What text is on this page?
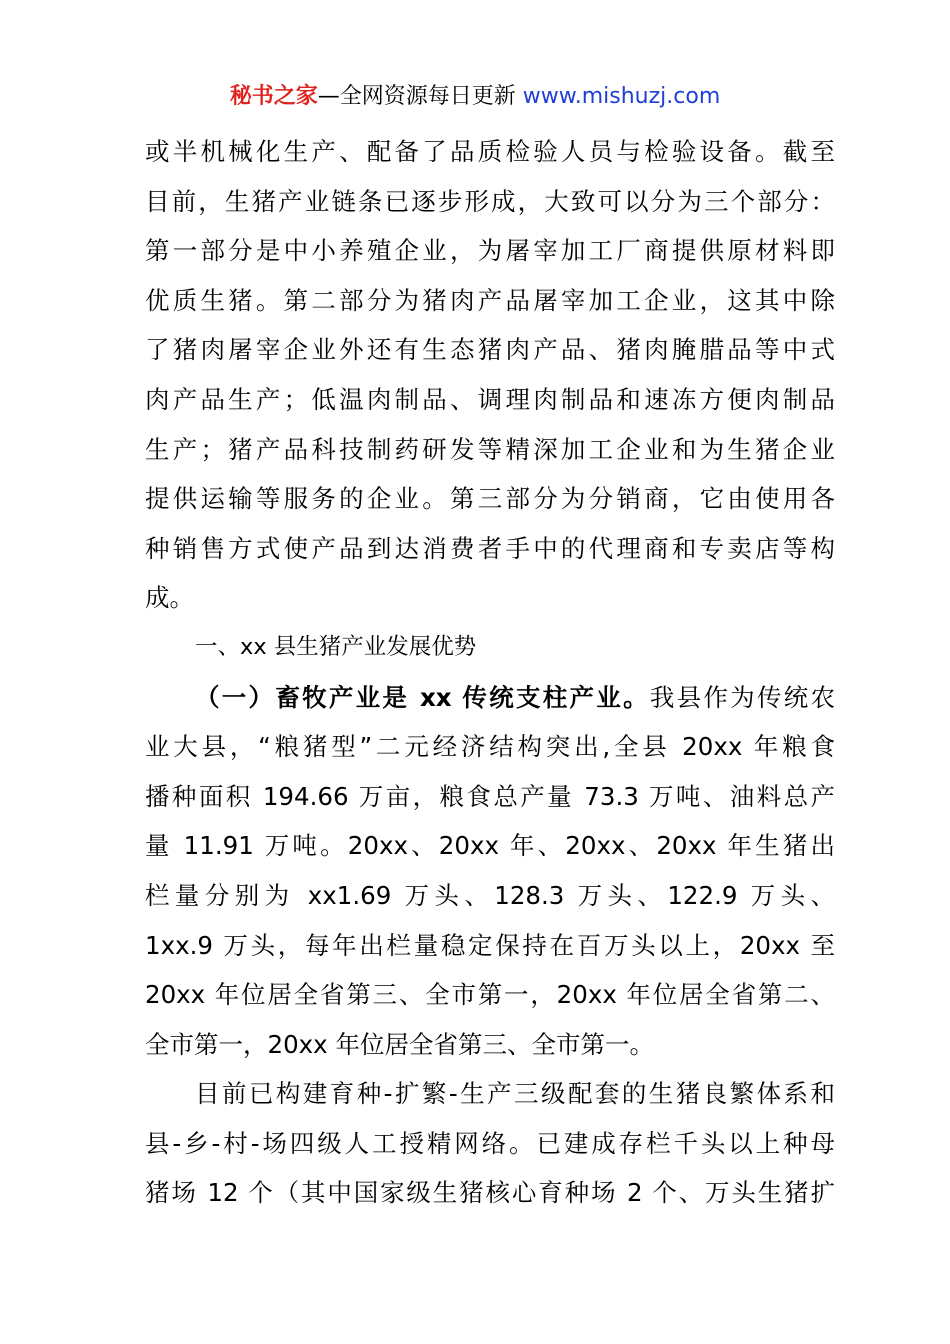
秘书之家—全网资源每日更新 www.mishuzj.com
或半机械化生产、配备了品质检验人员与检验设备。截至
目前，生猪产业链条已逐步形成，大致可以分为三个部分：
第一部分是中小养殖企业，为屠宰加工厂商提供原材料即
优质生猪。第二部分为猪肉产品屠宰加工企业，这其中除
了猪肉屠宰企业外还有生态猪肉产品、猪肉腌腊品等中式
肉产品生产；低温肉制品、调理肉制品和速冻方便肉制品
生产；猪产品科技制药研发等精深加工企业和为生猪企业
提供运输等服务的企业。第三部分为分销商，它由使用各
种销售方式使产品到达消费者手中的代理商和专卖店等构
成。
一、xx 县生猪产业发展优势
（一）畜牧产业是 xx 传统支柱产业。我县作为传统农
业大县，“粮猪型”二元经济结构突出,全县 20xx 年粮食
播种面积 194.66 万亩，粮食总产量 73.3 万吨、油料总产
量 11.91 万吨。20xx、20xx 年、20xx、20xx 年生猪出
栏量分别为 xx1.69 万头、128.3 万头、122.9 万头、
1xx.9 万头，每年出栏量稳定保持在百万头以上，20xx 至
20xx 年位居全省第三、全市第一，20xx 年位居全省第二、
全市第一，20xx 年位居全省第三、全市第一。
目前已构建育种-扩繁-生产三级配套的生猪良繁体系和
县-乡-村-场四级人工授精网络。已建成存栏千头以上种母
猪场 12 个（其中国家级生猪核心育种场 2 个、万头生猪扩
